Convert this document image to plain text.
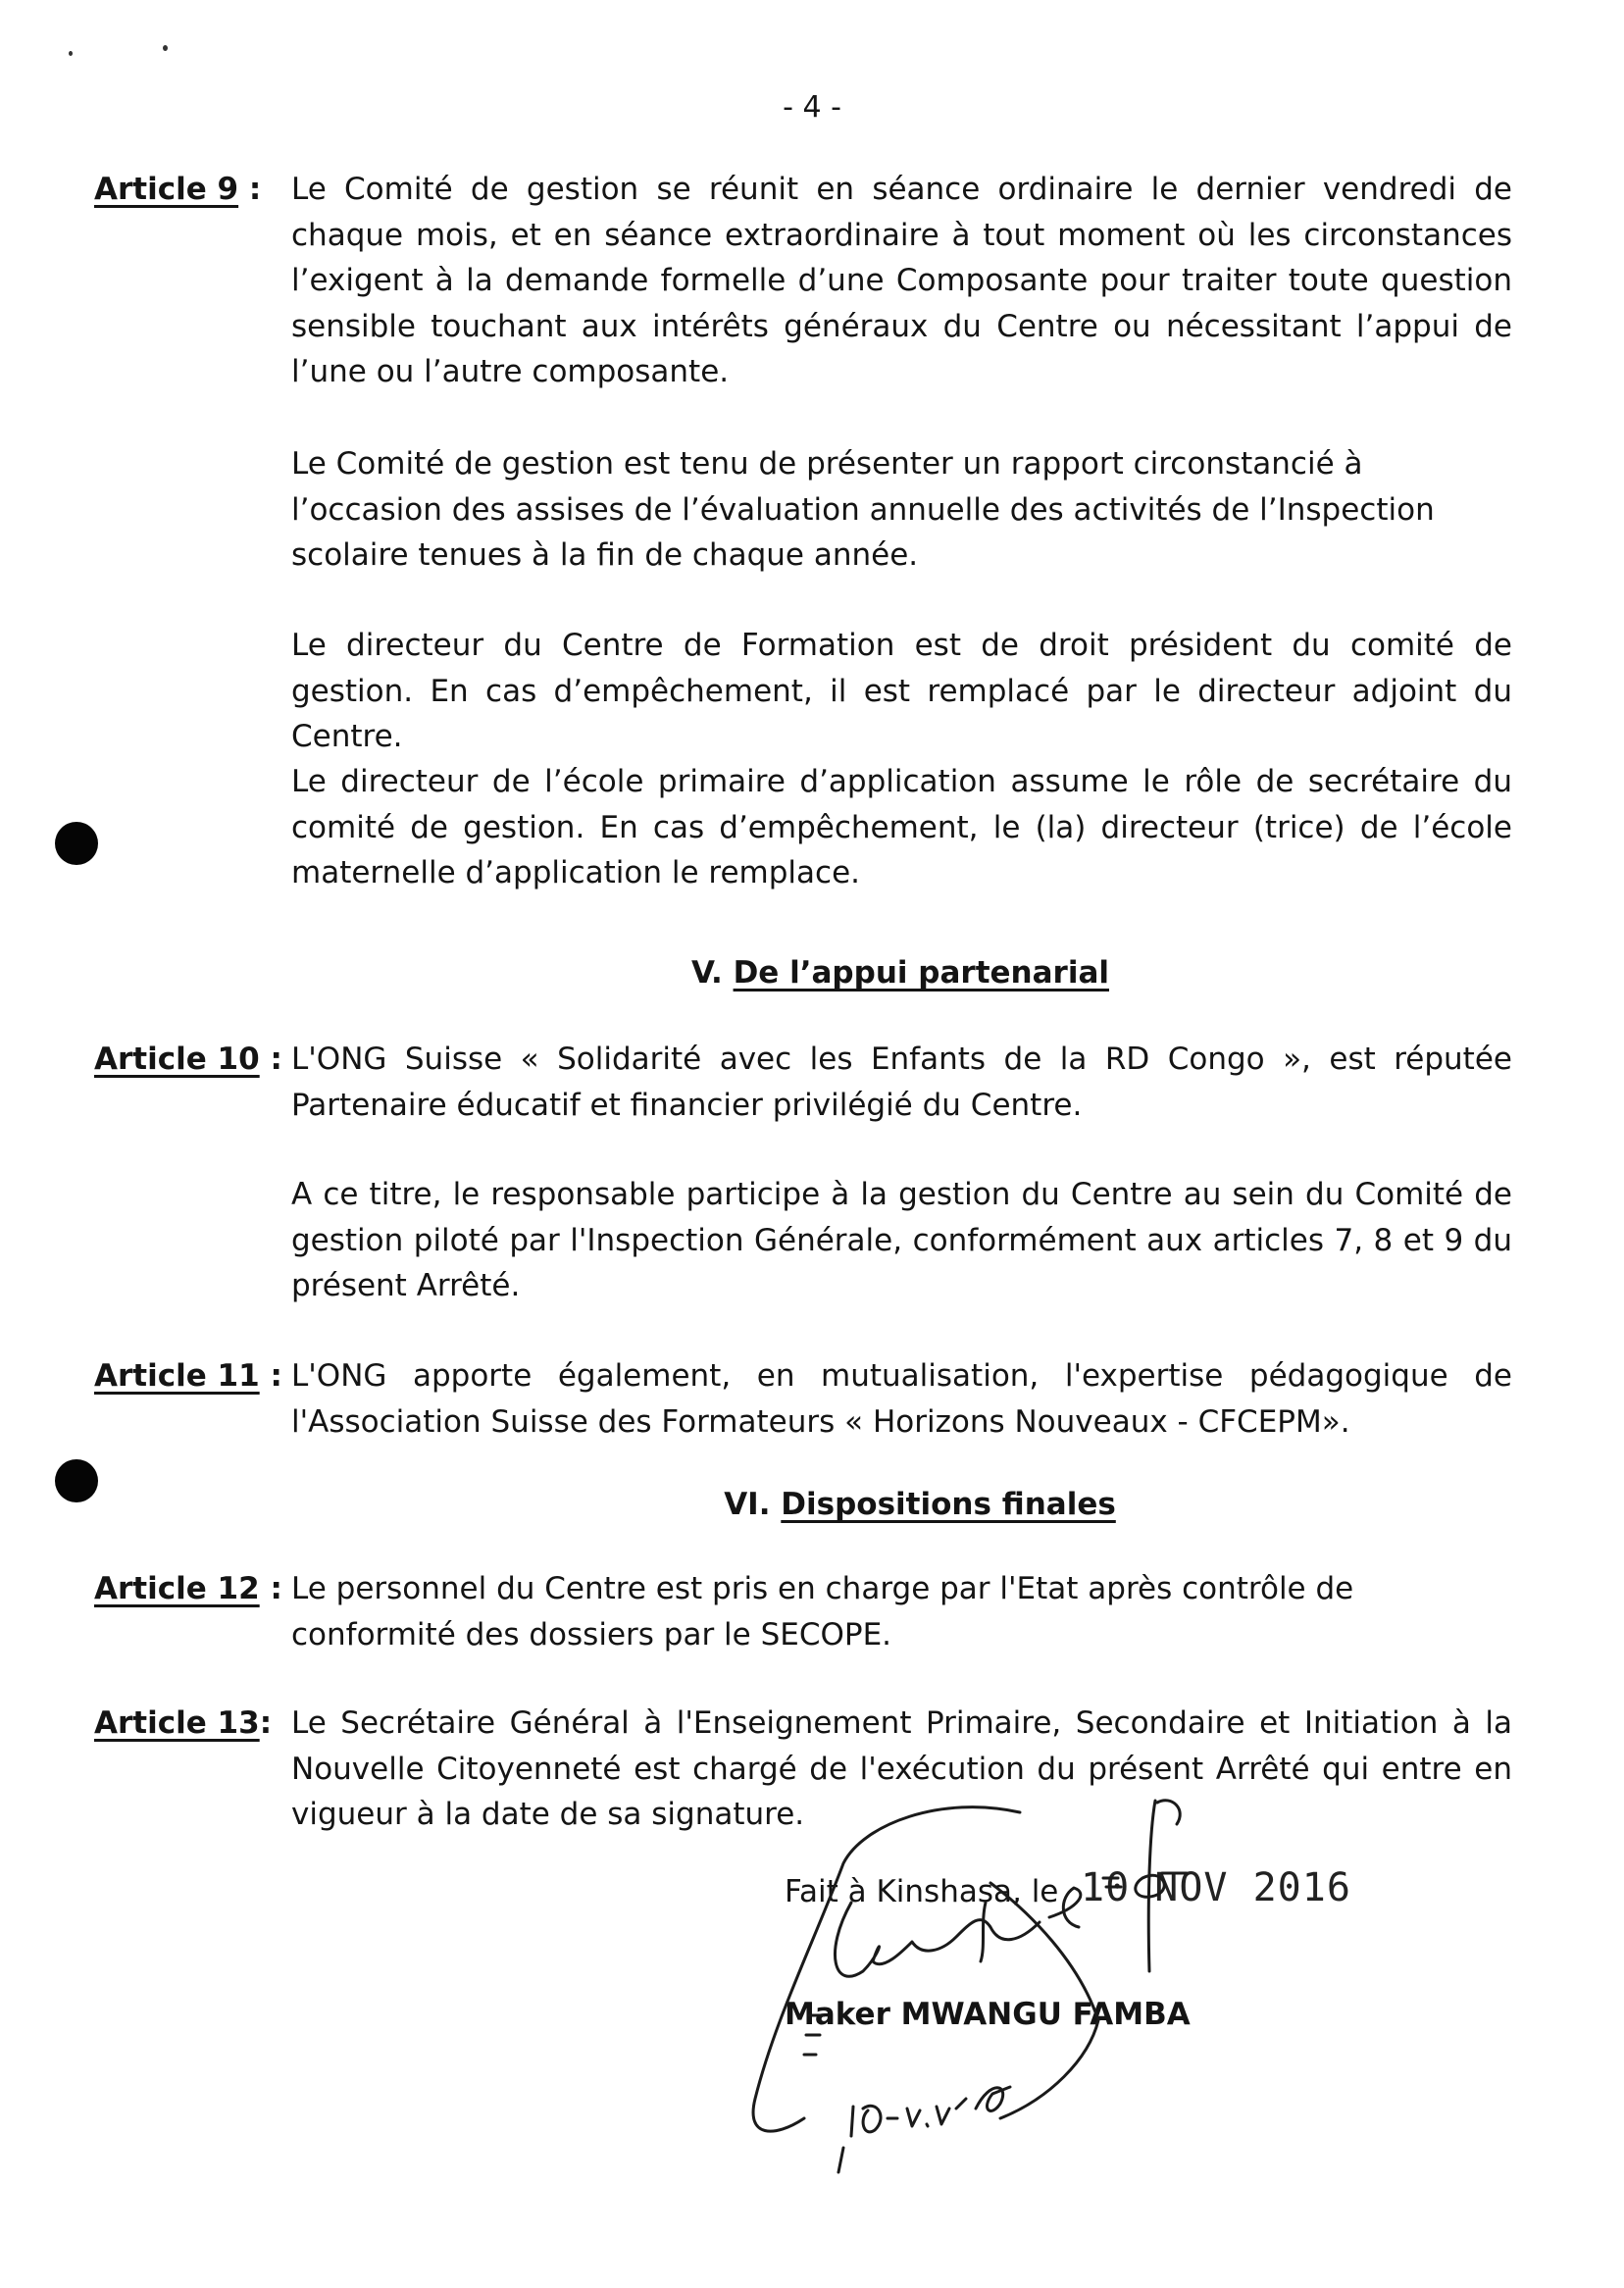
- 4 -
Article 9 : Le Comité de gestion se réunit en séance ordinaire le dernier vendredi de chaque mois, et en séance extraordinaire à tout moment où les circonstances l’exigent à la demande formelle d’une Composante pour traiter toute question sensible touchant aux intérêts généraux du Centre ou nécessitant l’appui de l’une ou l’autre composante.
Le Comité de gestion est tenu de présenter un rapport circonstancié à l’occasion des assises de l’évaluation annuelle des activités de l’Inspection scolaire tenues à la fin de chaque année.
Le directeur du Centre de Formation est de droit président du comité de gestion. En cas d’empêchement, il est remplacé par le directeur adjoint du Centre.
Le directeur de l’école primaire d’application assume le rôle de secrétaire du comité de gestion. En cas d’empêchement, le (la) directeur (trice) de l’école maternelle d’application le remplace.
V. De l’appui partenarial
Article 10 : L'ONG Suisse « Solidarité avec les Enfants de la RD Congo », est réputée Partenaire éducatif et financier privilégié du Centre.
A ce titre, le responsable participe à la gestion du Centre au sein du Comité de gestion piloté par l'Inspection Générale, conformément aux articles 7, 8 et 9 du présent Arrêté.
Article 11 : L'ONG apporte également, en mutualisation, l'expertise pédagogique de l'Association Suisse des Formateurs « Horizons Nouveaux - CFCEPM».
VI. Dispositions finales
Article 12 : Le personnel du Centre est pris en charge par l'Etat après contrôle de conformité des dossiers par le SECOPE.
Article 13: Le Secrétaire Général à l'Enseignement Primaire, Secondaire et Initiation à la Nouvelle Citoyenneté est chargé de l'exécution du présent Arrêté qui entre en vigueur à la date de sa signature.
Fait à Kinshasa, le 10 NOV 2016
Maker MWANGU FAMBA
